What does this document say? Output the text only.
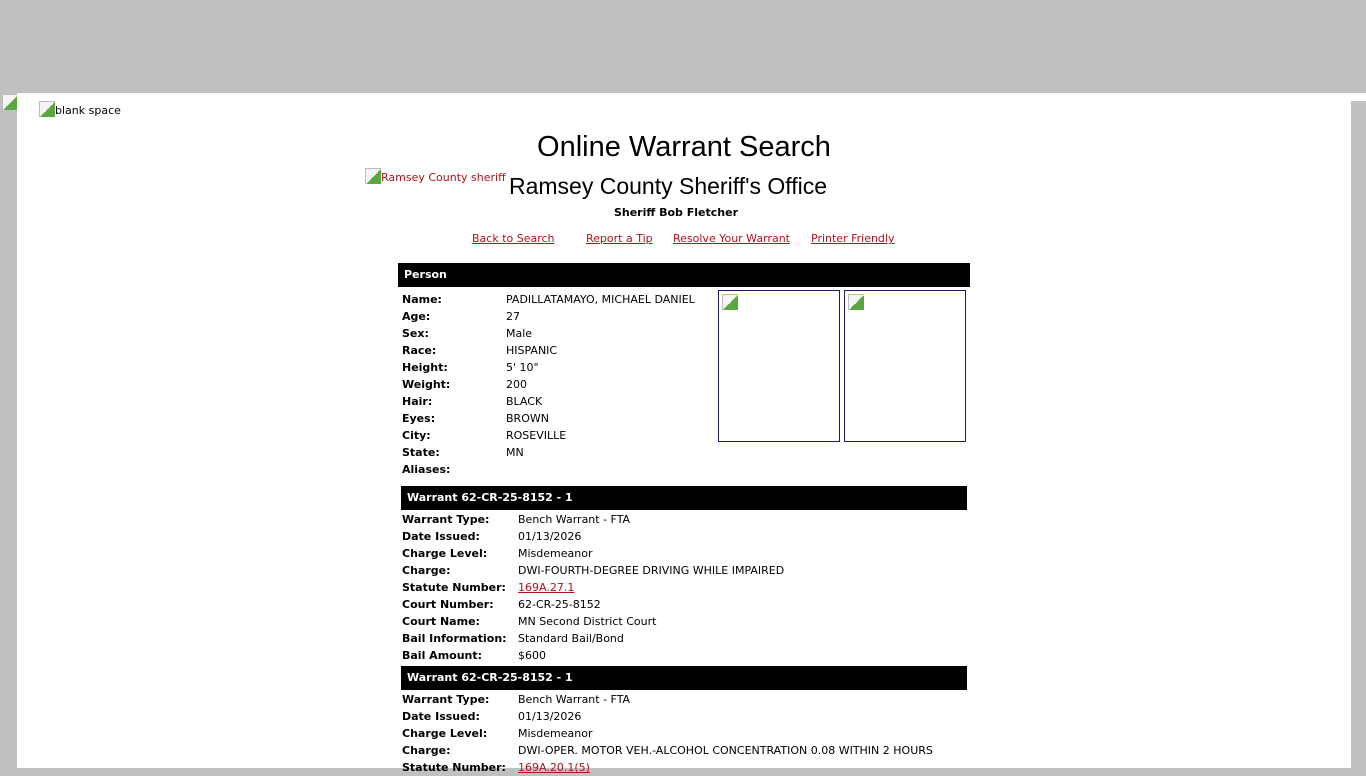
blank space
Online Warrant Search
Ramsey County sheriff Ramsey County Sheriff's Office
Sheriff Bob Fletcher
Back to Search	Report a Tip Resolve Your Warrant Printer Friendly
Person
Name:	PADILLATAMAYO, MICHAEL DANIEL
Age:	27
Sex:	Male
Race:	HISPANIC
Height:	5' 10"
Weight:	200
Hair:	BLACK
Eyes:	BROWN
City:	ROSEVILLE
State:	MN
Aliases:
Warrant 62-CR-25-8152 - 1
Warrant Type:	Bench Warrant - FTA
Date Issued:	01/13/2026
Charge Level:	Misdemeanor
Charge:	DWI-FOURTH-DEGREE DRIVING WHILE IMPAIRED
Statute Number: 169A.27.1
Court Number: 62-CR-25-8152
Court Name:	MN Second District Court
Bail Information: Standard Bail/Bond
Bail Amount:	$600
Warrant 62-CR-25-8152 - 1
Warrant Type:	Bench Warrant - FTA
Date Issued:	01/13/2026
Charge Level:	Misdemeanor
Charge:	DWI-OPER. MOTOR VEH.-ALCOHOL CONCENTRATION 0.08 WITHIN 2 HOURS
Statute Number: 169A.20.1(5)
